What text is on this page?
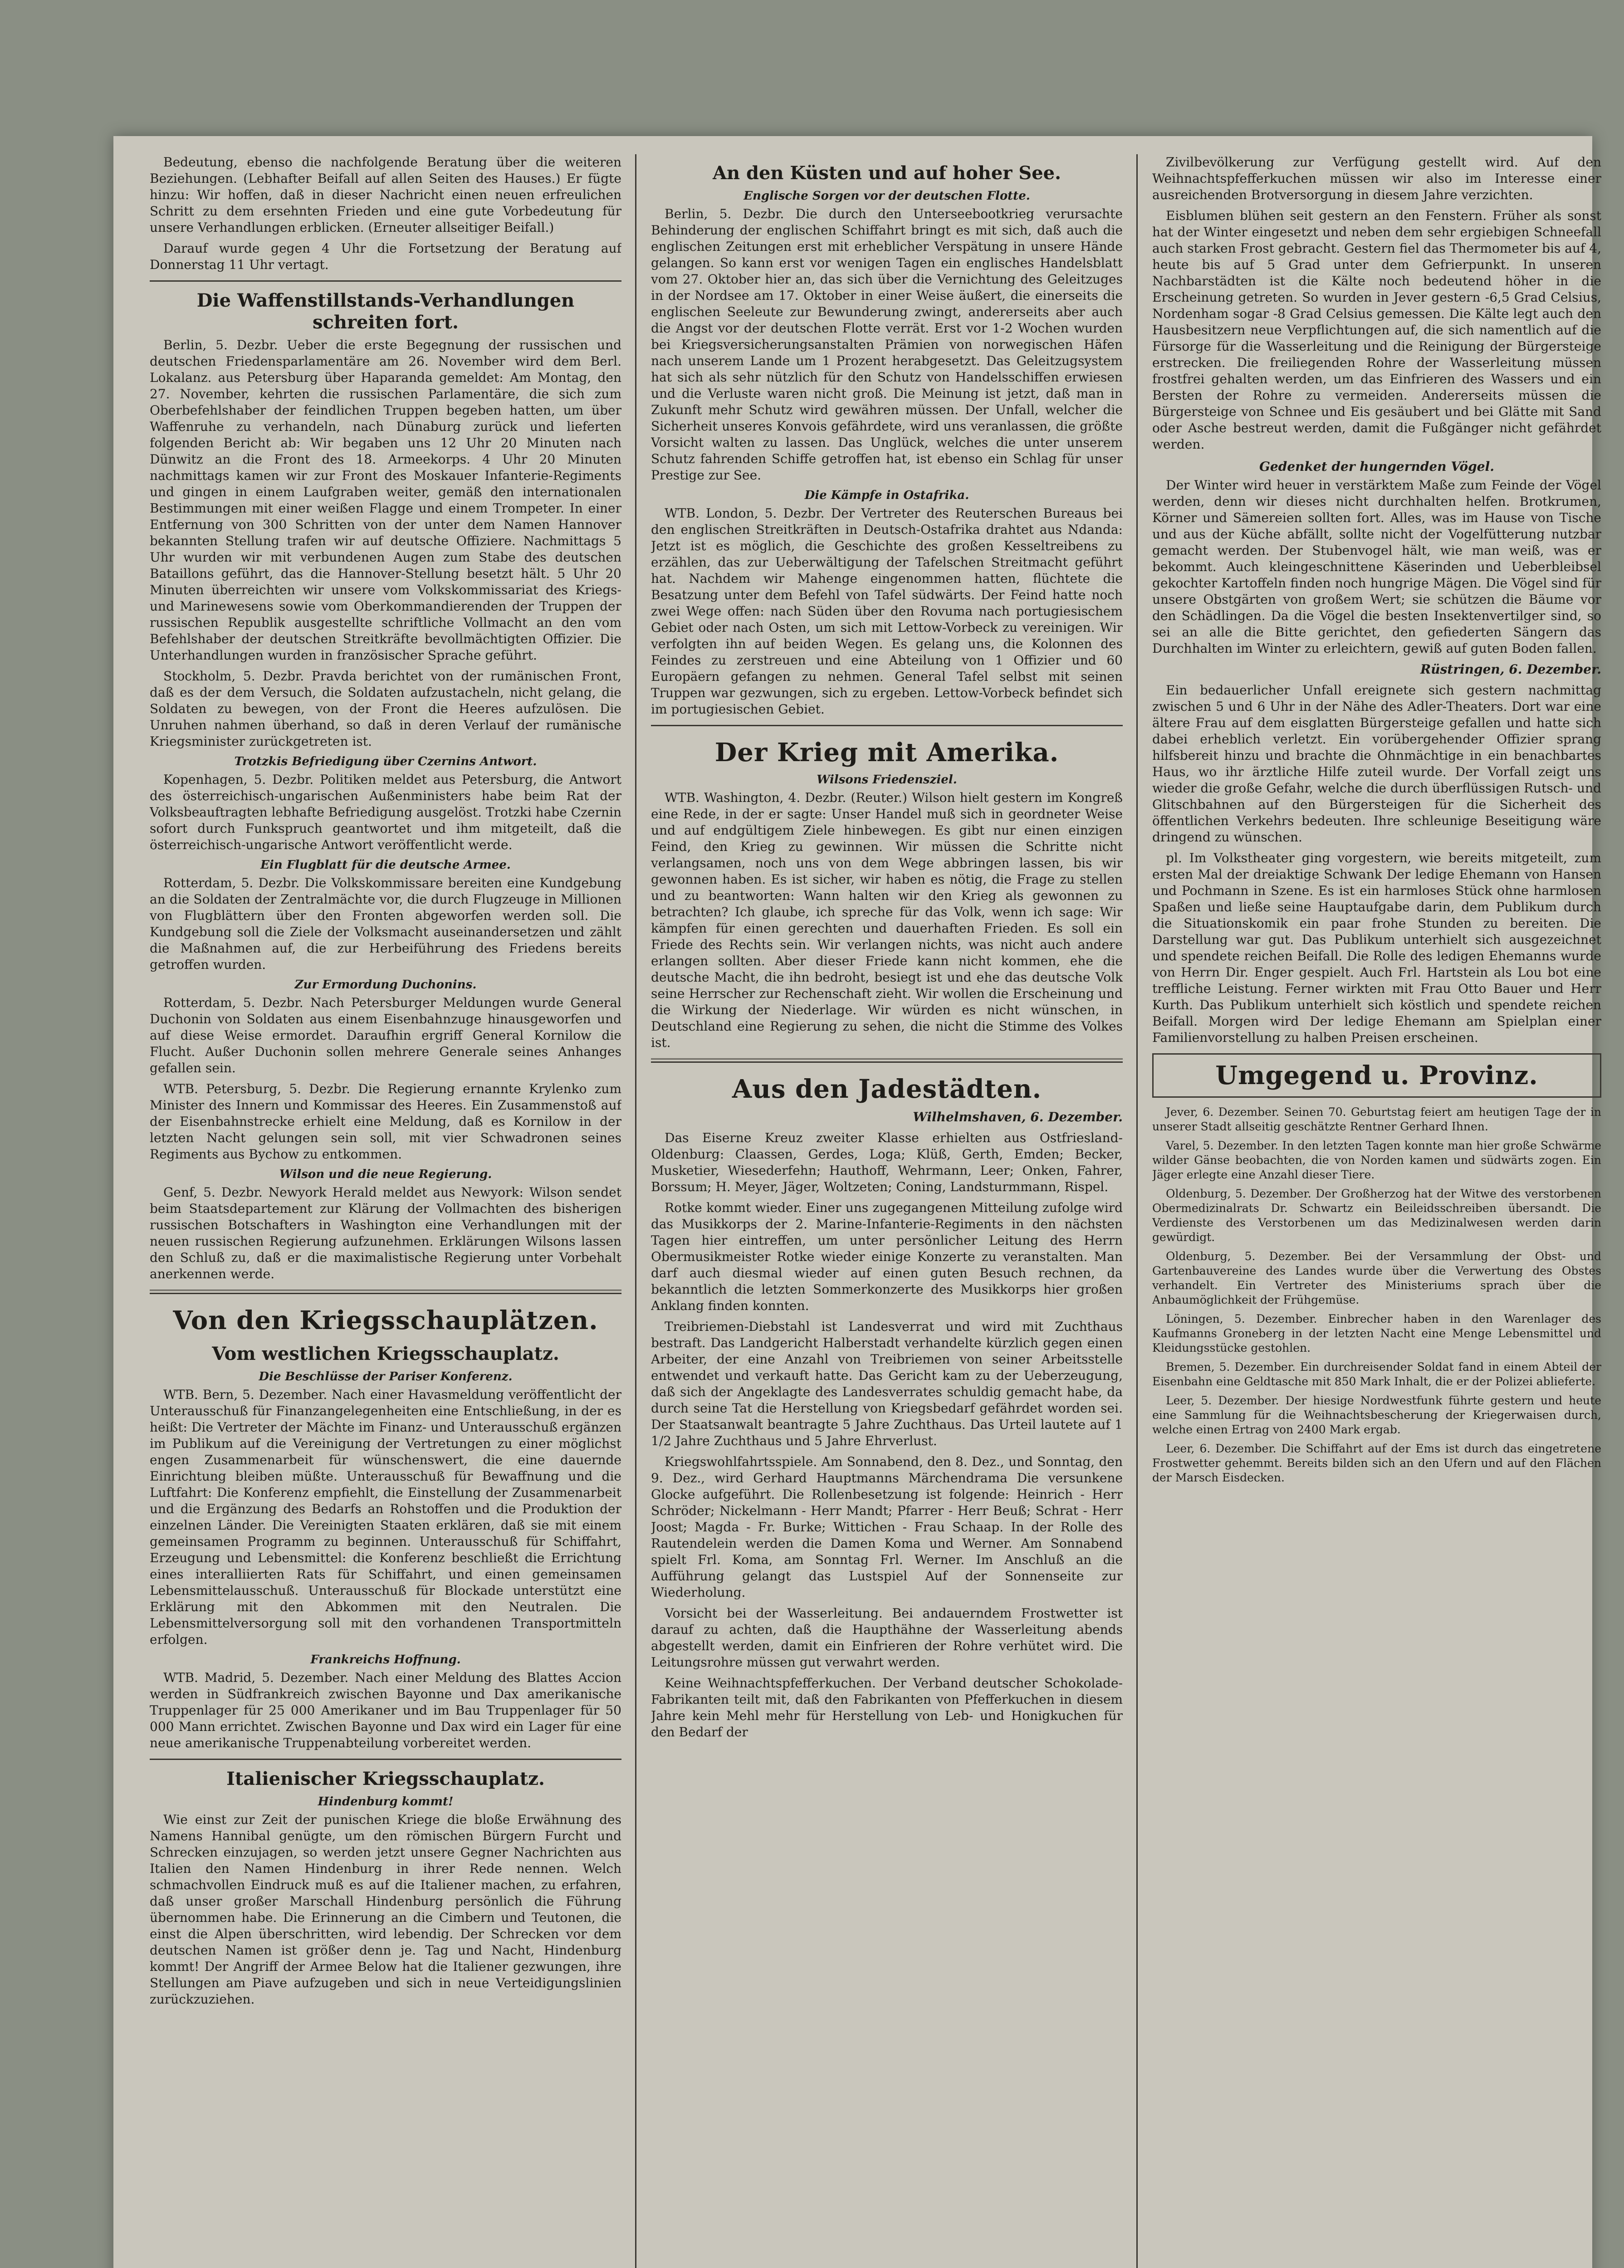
Bedeutung, ebenso die nachfolgende Beratung über die weiteren Beziehungen. (Lebhafter Beifall auf allen Seiten des Hauses.) Er fügte hinzu: Wir hoffen, daß in dieser Nachricht einen neuen erfreulichen Schritt zu dem ersehnten Frieden und eine gute Vorbedeutung für unsere Verhandlungen erblicken. (Erneuter allseitiger Beifall.)

Darauf wurde gegen 4 Uhr die Fortsetzung der Beratung auf Donnerstag 11 Uhr vertagt.

Die Waffenstillstands-Verhandlungen schreiten fort.

Berlin, 5. Dezbr. Ueber die erste Begegnung der russischen und deutschen Friedensparlamentäre am 26. November wird dem Berl. Lokalanz. aus Petersburg über Haparanda gemeldet: Am Montag, den 27. November, kehrten die russischen Parlamentäre, die sich zum Oberbefehlshaber der feindlichen Truppen begeben hatten, um über Waffenruhe zu verhandeln, nach Dünaburg zurück und lieferten folgenden Bericht ab: Wir begaben uns 12 Uhr 20 Minuten nach Dünwitz an die Front des 18. Armeekorps. 4 Uhr 20 Minuten nachmittags kamen wir zur Front des Moskauer Infanterie-Regiments und gingen in einem Laufgraben weiter, gemäß den internationalen Bestimmungen mit einer weißen Flagge und einem Trompeter. In einer Entfernung von 300 Schritten von der unter dem Namen Hannover bekannten Stellung trafen wir auf deutsche Offiziere. Nachmittags 5 Uhr wurden wir mit verbundenen Augen zum Stabe des deutschen Bataillons geführt, das die Hannover-Stellung besetzt hält. 5 Uhr 20 Minuten überreichten wir unsere vom Volkskommissariat des Kriegs- und Marinewesens sowie vom Oberkommandierenden der Truppen der russischen Republik ausgestellte schriftliche Vollmacht an den vom Befehlshaber der deutschen Streitkräfte bevollmächtigten Offizier. Die Unterhandlungen wurden in französischer Sprache geführt.

Stockholm, 5. Dezbr. Pravda berichtet von der rumänischen Front, daß es der dem Versuch, die Soldaten aufzustacheln, nicht gelang, die Soldaten zu bewegen, von der Front die Heeres aufzulösen. Die Unruhen nahmen überhand, so daß in deren Verlauf der rumänische Kriegsminister zurückgetreten ist.

Trotzkis Befriedigung über Czernins Antwort.

Kopenhagen, 5. Dezbr. Politiken meldet aus Petersburg, die Antwort des österreichisch-ungarischen Außenministers habe beim Rat der Volksbeauftragten lebhafte Befriedigung ausgelöst. Trotzki habe Czernin sofort durch Funkspruch geantwortet und ihm mitgeteilt, daß die österreichisch-ungarische Antwort veröffentlicht werde.

Ein Flugblatt für die deutsche Armee.

Rotterdam, 5. Dezbr. Die Volkskommissare bereiten eine Kundgebung an die Soldaten der Zentralmächte vor, die durch Flugzeuge in Millionen von Flugblättern über den Fronten abgeworfen werden soll. Die Kundgebung soll die Ziele der Volksmacht auseinandersetzen und zählt die Maßnahmen auf, die zur Herbeiführung des Friedens bereits getroffen wurden.

Zur Ermordung Duchonins.

Rotterdam, 5. Dezbr. Nach Petersburger Meldungen wurde General Duchonin von Soldaten aus einem Eisenbahnzuge hinausgeworfen und auf diese Weise ermordet. Daraufhin ergriff General Kornilow die Flucht. Außer Duchonin sollen mehrere Generale seines Anhanges gefallen sein.

WTB. Petersburg, 5. Dezbr. Die Regierung ernannte Krylenko zum Minister des Innern und Kommissar des Heeres. Ein Zusammenstoß auf der Eisenbahnstrecke erhielt eine Meldung, daß es Kornilow in der letzten Nacht gelungen sein soll, mit vier Schwadronen seines Regiments aus Bychow zu entkommen.

Wilson und die neue Regierung.

Genf, 5. Dezbr. Newyork Herald meldet aus Newyork: Wilson sendet beim Staatsdepartement zur Klärung der Vollmachten des bisherigen russischen Botschafters in Washington eine Verhandlungen mit der neuen russischen Regierung aufzunehmen. Erklärungen Wilsons lassen den Schluß zu, daß er die maximalistische Regierung unter Vorbehalt anerkennen werde.

Von den Kriegsschauplätzen.
Vom westlichen Kriegsschauplatz.
Die Beschlüsse der Pariser Konferenz.

WTB. Bern, 5. Dezember. Nach einer Havasmeldung veröffentlicht der Unterausschuß für Finanzangelegenheiten eine Entschließung, in der es heißt: Die Vertreter der Mächte im Finanz- und Unterausschuß ergänzen im Publikum auf die Vereinigung der Vertretungen zu einer möglichst engen Zusammenarbeit für wünschenswert, die eine dauernde Einrichtung bleiben müßte. Unterausschuß für Bewaffnung und die Luftfahrt: Die Konferenz empfiehlt, die Einstellung der Zusammenarbeit und die Ergänzung des Bedarfs an Rohstoffen und die Produktion der einzelnen Länder. Die Vereinigten Staaten erklären, daß sie mit einem gemeinsamen Programm zu beginnen. Unterausschuß für Schiffahrt, Erzeugung und Lebensmittel: die Konferenz beschließt die Errichtung eines interalliierten Rats für Schiffahrt, und einen gemeinsamen Lebensmittelausschuß. Unterausschuß für Blockade unterstützt eine Erklärung mit den Abkommen mit den Neutralen. Die Lebensmittelversorgung soll mit den vorhandenen Transportmitteln erfolgen.

Frankreichs Hoffnung.

WTB. Madrid, 5. Dezember. Nach einer Meldung des Blattes Accion werden in Südfrankreich zwischen Bayonne und Dax amerikanische Truppenlager für 25 000 Amerikaner und im Bau Truppenlager für 50 000 Mann errichtet. Zwischen Bayonne und Dax wird ein Lager für eine neue amerikanische Truppenabteilung vorbereitet werden.

Italienischer Kriegsschauplatz.
Hindenburg kommt!

Wie einst zur Zeit der punischen Kriege die bloße Erwähnung des Namens Hannibal genügte, um den römischen Bürgern Furcht und Schrecken einzujagen, so werden jetzt unsere Gegner Nachrichten aus Italien den Namen Hindenburg in ihrer Rede nennen. Welch schmachvollen Eindruck muß es auf die Italiener machen, zu erfahren, daß unser großer Marschall Hindenburg persönlich die Führung übernommen habe. Die Erinnerung an die Cimbern und Teutonen, die einst die Alpen überschritten, wird lebendig. Der Schrecken vor dem deutschen Namen ist größer denn je. Tag und Nacht, Hindenburg kommt! Der Angriff der Armee Below hat die Italiener gezwungen, ihre Stellungen am Piave aufzugeben und sich in neue Verteidigungslinien zurückzuziehen.

An den Küsten und auf hoher See.
Englische Sorgen vor der deutschen Flotte.

Berlin, 5. Dezbr. Die durch den Unterseebootkrieg verursachte Behinderung der englischen Schiffahrt bringt es mit sich, daß auch die englischen Zeitungen erst mit erheblicher Verspätung in unsere Hände gelangen. So kann erst vor wenigen Tagen ein englisches Handelsblatt vom 27. Oktober hier an, das sich über die Vernichtung des Geleitzuges in der Nordsee am 17. Oktober in einer Weise äußert, die einerseits die englischen Seeleute zur Bewunderung zwingt, andererseits aber auch die Angst vor der deutschen Flotte verrät. Erst vor 1-2 Wochen wurden bei Kriegsversicherungsanstalten Prämien von norwegischen Häfen nach unserem Lande um 1 Prozent herabgesetzt. Das Geleitzugsystem hat sich als sehr nützlich für den Schutz von Handelsschiffen erwiesen und die Verluste waren nicht groß. Die Meinung ist jetzt, daß man in Zukunft mehr Schutz wird gewähren müssen. Der Unfall, welcher die Sicherheit unseres Konvois gefährdete, wird uns veranlassen, die größte Vorsicht walten zu lassen. Das Unglück, welches die unter unserem Schutz fahrenden Schiffe getroffen hat, ist ebenso ein Schlag für unser Prestige zur See.

Die Kämpfe in Ostafrika.

WTB. London, 5. Dezbr. Der Vertreter des Reuterschen Bureaus bei den englischen Streitkräften in Deutsch-Ostafrika drahtet aus Ndanda: Jetzt ist es möglich, die Geschichte des großen Kesseltreibens zu erzählen, das zur Ueberwältigung der Tafelschen Streitmacht geführt hat. Nachdem wir Mahenge eingenommen hatten, flüchtete die Besatzung unter dem Befehl von Tafel südwärts. Der Feind hatte noch zwei Wege offen: nach Süden über den Rovuma nach portugiesischem Gebiet oder nach Osten, um sich mit Lettow-Vorbeck zu vereinigen. Wir verfolgten ihn auf beiden Wegen. Es gelang uns, die Kolonnen des Feindes zu zerstreuen und eine Abteilung von 1 Offizier und 60 Europäern gefangen zu nehmen. General Tafel selbst mit seinen Truppen war gezwungen, sich zu ergeben. Lettow-Vorbeck befindet sich im portugiesischen Gebiet.

Der Krieg mit Amerika.
Wilsons Friedensziel.

WTB. Washington, 4. Dezbr. (Reuter.) Wilson hielt gestern im Kongreß eine Rede, in der er sagte: Unser Handel muß sich in geordneter Weise und auf endgültigem Ziele hinbewegen. Es gibt nur einen einzigen Feind, den Krieg zu gewinnen. Wir müssen die Schritte nicht verlangsamen, noch uns von dem Wege abbringen lassen, bis wir gewonnen haben. Es ist sicher, wir haben es nötig, die Frage zu stellen und zu beantworten: Wann halten wir den Krieg als gewonnen zu betrachten? Ich glaube, ich spreche für das Volk, wenn ich sage: Wir kämpfen für einen gerechten und dauerhaften Frieden. Es soll ein Friede des Rechts sein. Wir verlangen nichts, was nicht auch andere erlangen sollten. Aber dieser Friede kann nicht kommen, ehe die deutsche Macht, die ihn bedroht, besiegt ist und ehe das deutsche Volk seine Herrscher zur Rechenschaft zieht. Wir wollen die Erscheinung und die Wirkung der Niederlage. Wir würden es nicht wünschen, in Deutschland eine Regierung zu sehen, die nicht die Stimme des Volkes ist.

Aus den Jadestädten.

Wilhelmshaven, 6. Dezember.

Das Eiserne Kreuz zweiter Klasse erhielten aus Ostfriesland-Oldenburg: Claassen, Gerdes, Loga; Klüß, Gerth, Emden; Becker, Musketier, Wiesederfehn; Hauthoff, Wehrmann, Leer; Onken, Fahrer, Borssum; H. Meyer, Jäger, Woltzeten; Coning, Landsturmmann, Rispel.

Rotke kommt wieder. Einer uns zugegangenen Mitteilung zufolge wird das Musikkorps der 2. Marine-Infanterie-Regiments in den nächsten Tagen hier eintreffen, um unter persönlicher Leitung des Herrn Obermusikmeister Rotke wieder einige Konzerte zu veranstalten. Man darf auch diesmal wieder auf einen guten Besuch rechnen, da bekanntlich die letzten Sommerkonzerte des Musikkorps hier großen Anklang finden konnten.

Treibriemen-Diebstahl ist Landesverrat und wird mit Zuchthaus bestraft. Das Landgericht Halberstadt verhandelte kürzlich gegen einen Arbeiter, der eine Anzahl von Treibriemen von seiner Arbeitsstelle entwendet und verkauft hatte. Das Gericht kam zu der Ueberzeugung, daß sich der Angeklagte des Landesverrates schuldig gemacht habe, da durch seine Tat die Herstellung von Kriegsbedarf gefährdet worden sei. Der Staatsanwalt beantragte 5 Jahre Zuchthaus. Das Urteil lautete auf 1 1/2 Jahre Zuchthaus und 5 Jahre Ehrverlust.

Kriegswohlfahrtsspiele. Am Sonnabend, den 8. Dez., und Sonntag, den 9. Dez., wird Gerhard Hauptmanns Märchendrama Die versunkene Glocke aufgeführt. Die Rollenbesetzung ist folgende: Heinrich - Herr Schröder; Nickelmann - Herr Mandt; Pfarrer - Herr Beuß; Schrat - Herr Joost; Magda - Fr. Burke; Wittichen - Frau Schaap. In der Rolle des Rautendelein werden die Damen Koma und Werner. Am Sonnabend spielt Frl. Koma, am Sonntag Frl. Werner. Im Anschluß an die Aufführung gelangt das Lustspiel Auf der Sonnenseite zur Wiederholung.

Vorsicht bei der Wasserleitung. Bei andauerndem Frostwetter ist darauf zu achten, daß die Haupthähne der Wasserleitung abends abgestellt werden, damit ein Einfrieren der Rohre verhütet wird. Die Leitungsrohre müssen gut verwahrt werden.

Keine Weihnachtspfefferkuchen. Der Verband deutscher Schokolade-Fabrikanten teilt mit, daß den Fabrikanten von Pfefferkuchen in diesem Jahre kein Mehl mehr für Herstellung von Leb- und Honigkuchen für den Bedarf der

Zivilbevölkerung zur Verfügung gestellt wird. Auf den Weihnachtspfefferkuchen müssen wir also im Interesse einer ausreichenden Brotversorgung in diesem Jahre verzichten.

Eisblumen blühen seit gestern an den Fenstern. Früher als sonst hat der Winter eingesetzt und neben dem sehr ergiebigen Schneefall auch starken Frost gebracht. Gestern fiel das Thermometer bis auf 4, heute bis auf 5 Grad unter dem Gefrierpunkt. In unseren Nachbarstädten ist die Kälte noch bedeutend höher in die Erscheinung getreten. So wurden in Jever gestern -6,5 Grad Celsius, Nordenham sogar -8 Grad Celsius gemessen. Die Kälte legt auch den Hausbesitzern neue Verpflichtungen auf, die sich namentlich auf die Fürsorge für die Wasserleitung und die Reinigung der Bürgersteige erstrecken. Die freiliegenden Rohre der Wasserleitung müssen frostfrei gehalten werden, um das Einfrieren des Wassers und ein Bersten der Rohre zu vermeiden. Andererseits müssen die Bürgersteige von Schnee und Eis gesäubert und bei Glätte mit Sand oder Asche bestreut werden, damit die Fußgänger nicht gefährdet werden.

Gedenket der hungernden Vögel.

Der Winter wird heuer in verstärktem Maße zum Feinde der Vögel werden, denn wir dieses nicht durchhalten helfen. Brotkrumen, Körner und Sämereien sollten fort. Alles, was im Hause von Tische und aus der Küche abfällt, sollte nicht der Vogelfütterung nutzbar gemacht werden. Der Stubenvogel hält, wie man weiß, was er bekommt. Auch kleingeschnittene Käserinden und Ueberbleibsel gekochter Kartoffeln finden noch hungrige Mägen. Die Vögel sind für unsere Obstgärten von großem Wert; sie schützen die Bäume vor den Schädlingen. Da die Vögel die besten Insektenvertilger sind, so sei an alle die Bitte gerichtet, den gefiederten Sängern das Durchhalten im Winter zu erleichtern, gewiß auf guten Boden fallen.

Rüstringen, 6. Dezember.

Ein bedauerlicher Unfall ereignete sich gestern nachmittag zwischen 5 und 6 Uhr in der Nähe des Adler-Theaters. Dort war eine ältere Frau auf dem eisglatten Bürgersteige gefallen und hatte sich dabei erheblich verletzt. Ein vorübergehender Offizier sprang hilfsbereit hinzu und brachte die Ohnmächtige in ein benachbartes Haus, wo ihr ärztliche Hilfe zuteil wurde. Der Vorfall zeigt uns wieder die große Gefahr, welche die durch überflüssigen Rutsch- und Glitschbahnen auf den Bürgersteigen für die Sicherheit des öffentlichen Verkehrs bedeuten. Ihre schleunige Beseitigung wäre dringend zu wünschen.

pl. Im Volkstheater ging vorgestern, wie bereits mitgeteilt, zum ersten Mal der dreiaktige Schwank Der ledige Ehemann von Hansen und Pochmann in Szene. Es ist ein harmloses Stück ohne harmlosen Spaßen und ließe seine Hauptaufgabe darin, dem Publikum durch die Situationskomik ein paar frohe Stunden zu bereiten. Die Darstellung war gut. Das Publikum unterhielt sich ausgezeichnet und spendete reichen Beifall. Die Rolle des ledigen Ehemanns wurde von Herrn Dir. Enger gespielt. Auch Frl. Hartstein als Lou bot eine treffliche Leistung. Ferner wirkten mit Frau Otto Bauer und Herr Kurth. Das Publikum unterhielt sich köstlich und spendete reichen Beifall. Morgen wird Der ledige Ehemann am Spielplan einer Familienvorstellung zu halben Preisen erscheinen.

Umgegend u. Provinz.

Jever, 6. Dezember. Seinen 70. Geburtstag feiert am heutigen Tage der in unserer Stadt allseitig geschätzte Rentner Gerhard Ihnen.

Varel, 5. Dezember. In den letzten Tagen konnte man hier große Schwärme wilder Gänse beobachten, die von Norden kamen und südwärts zogen. Ein Jäger erlegte eine Anzahl dieser Tiere.

Oldenburg, 5. Dezember. Der Großherzog hat der Witwe des verstorbenen Obermedizinalrats Dr. Schwartz ein Beileidsschreiben übersandt. Die Verdienste des Verstorbenen um das Medizinalwesen werden darin gewürdigt.

Oldenburg, 5. Dezember. Bei der Versammlung der Obst- und Gartenbauvereine des Landes wurde über die Verwertung des Obstes verhandelt. Ein Vertreter des Ministeriums sprach über die Anbaumöglichkeit der Frühgemüse.

Löningen, 5. Dezember. Einbrecher haben in den Warenlager des Kaufmanns Groneberg in der letzten Nacht eine Menge Lebensmittel und Kleidungsstücke gestohlen.

Bremen, 5. Dezember. Ein durchreisender Soldat fand in einem Abteil der Eisenbahn eine Geldtasche mit 850 Mark Inhalt, die er der Polizei ablieferte.

Leer, 5. Dezember. Der hiesige Nordwestfunk führte gestern und heute eine Sammlung für die Weihnachtsbescherung der Kriegerwaisen durch, welche einen Ertrag von 2400 Mark ergab.

Leer, 6. Dezember. Die Schiffahrt auf der Ems ist durch das eingetretene Frostwetter gehemmt. Bereits bilden sich an den Ufern und auf den Flächen der Marsch Eisdecken.
